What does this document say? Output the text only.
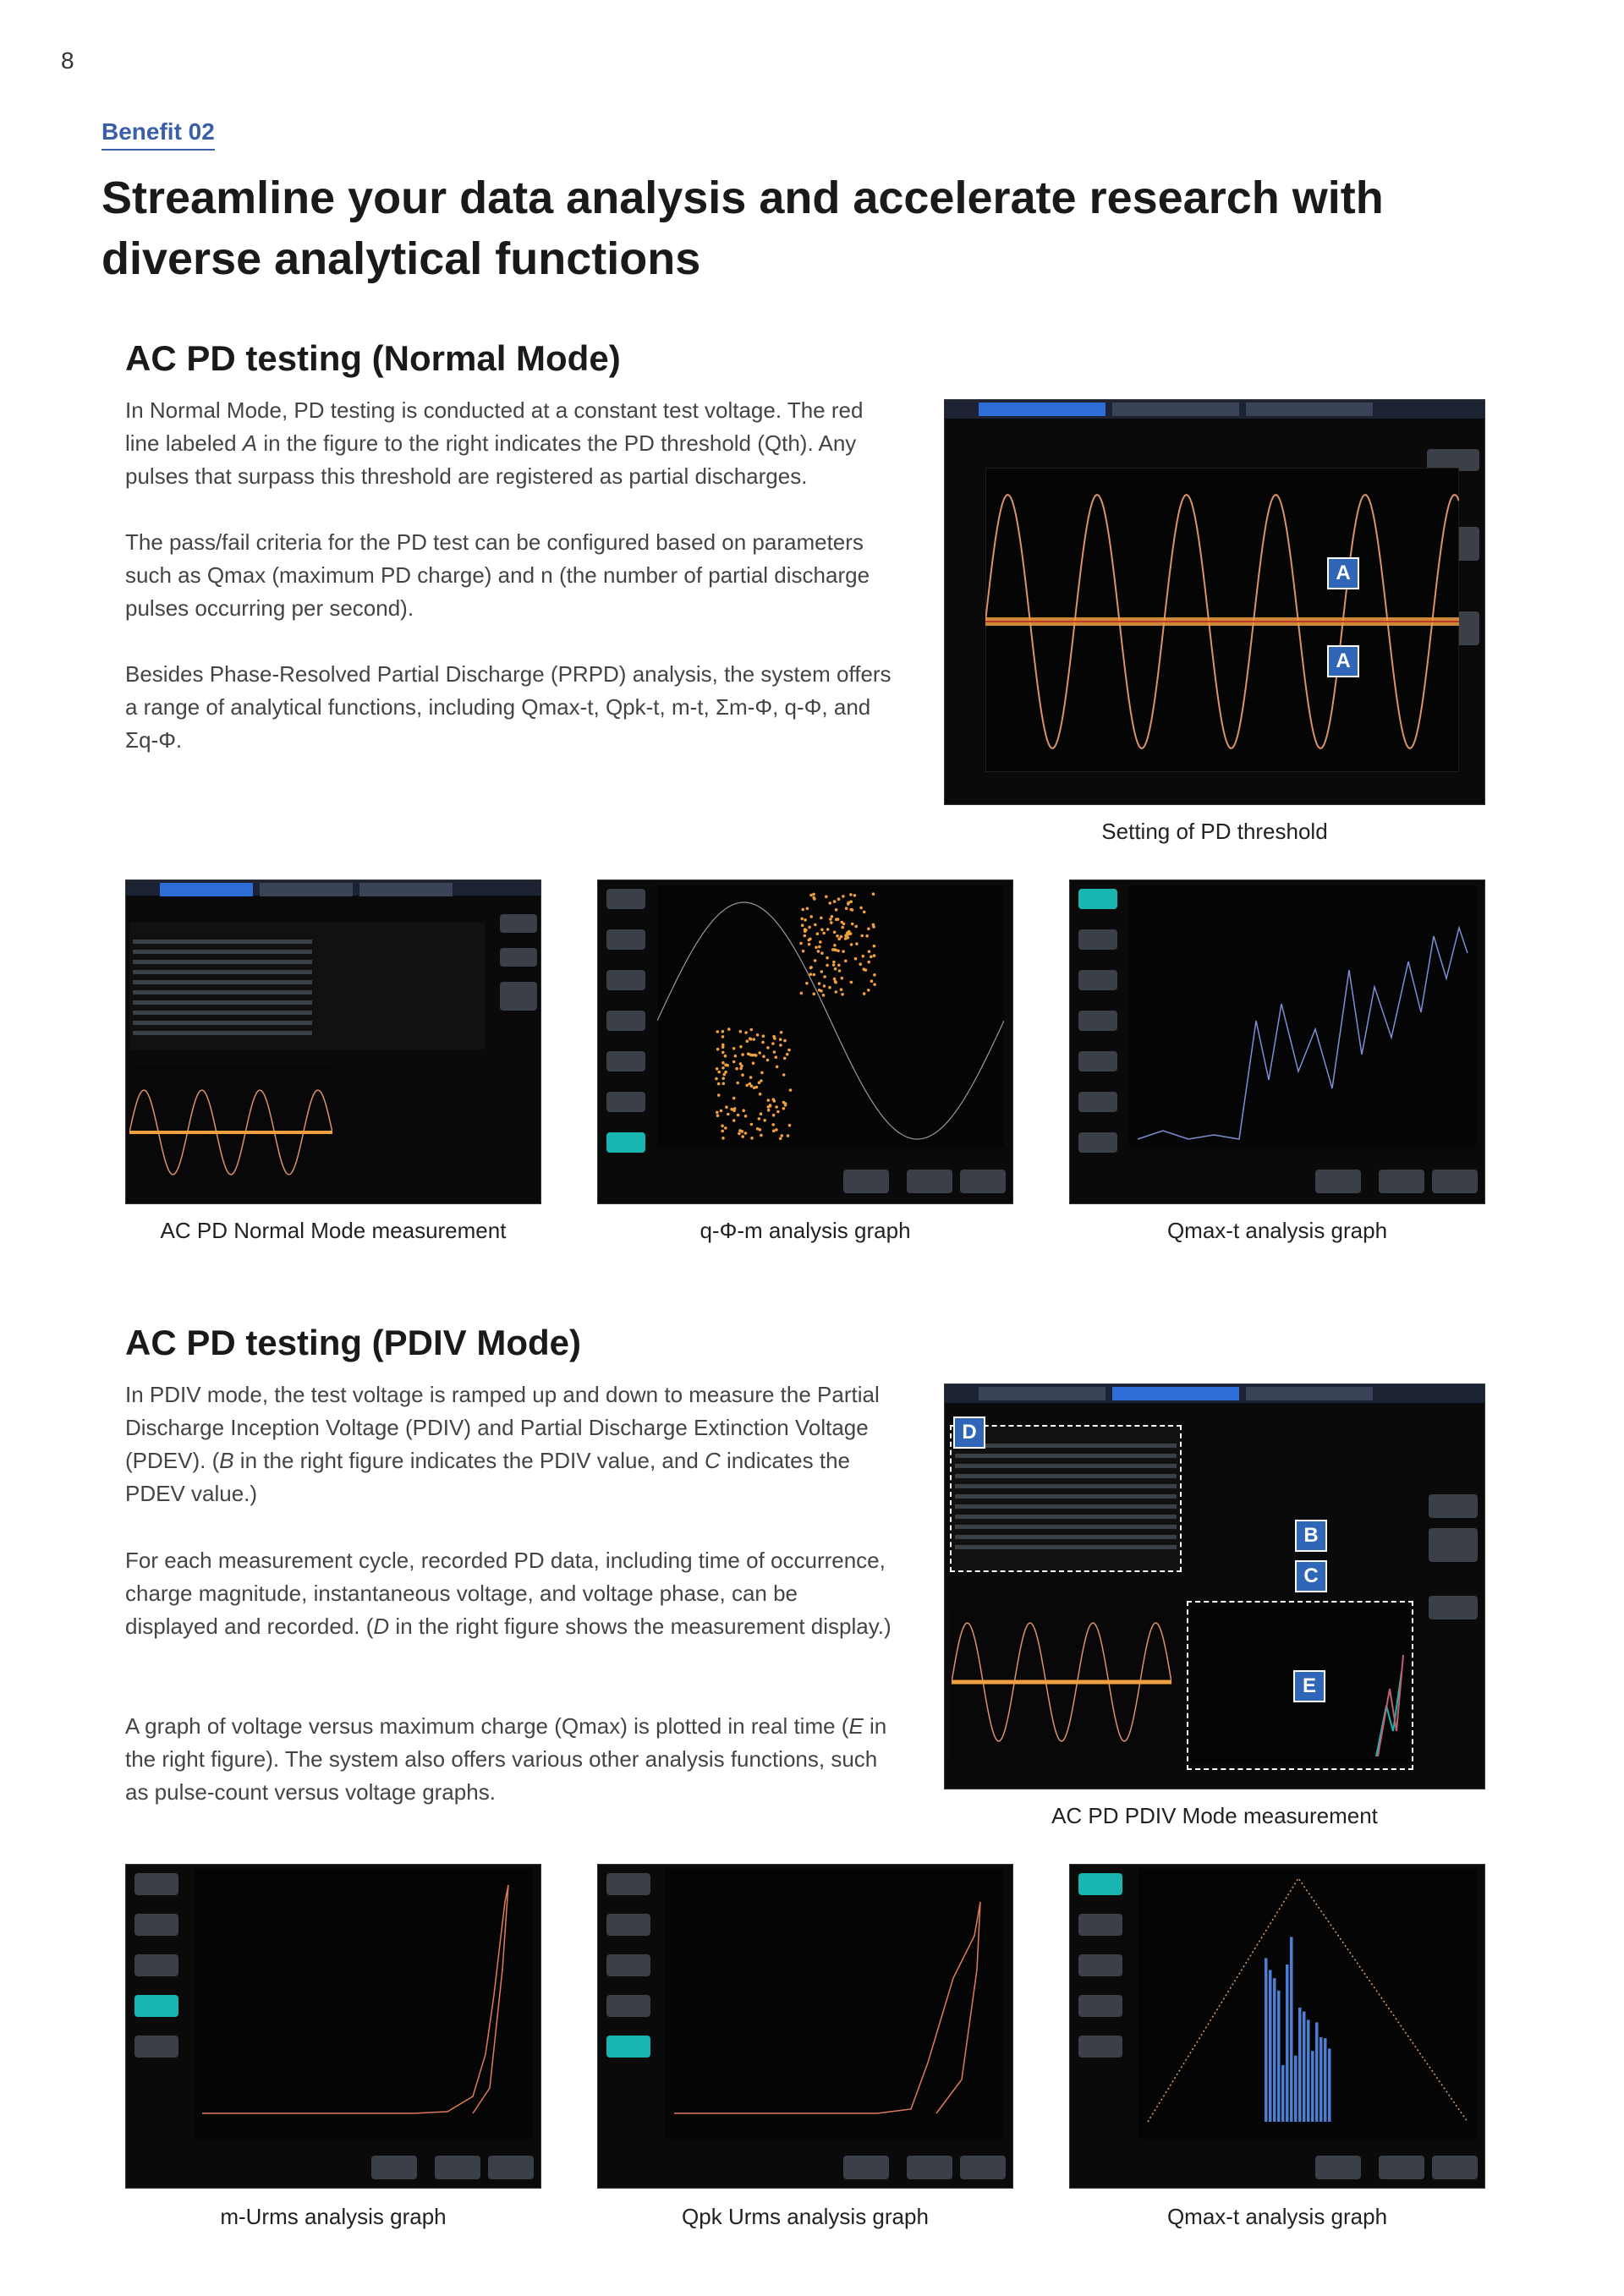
8
Benefit 02
Streamline your data analysis and accelerate research with diverse analytical functions
AC PD testing (Normal Mode)
In Normal Mode, PD testing is conducted at a constant test voltage. The red line labeled A in the figure to the right indicates the PD threshold (Qth). Any pulses that surpass this threshold are registered as partial discharges.
The pass/fail criteria for the PD test can be configured based on parameters such as Qmax (maximum PD charge) and n (the number of partial discharge pulses occurring per second).
Besides Phase-Resolved Partial Discharge (PRPD) analysis, the system offers a range of analytical functions, including Qmax-t, Qpk-t, m-t, Σm-Φ, q-Φ, and Σq-Φ.
A
A
Setting of PD threshold
AC PD Normal Mode measurement	q-Φ-m analysis graph	Qmax-t analysis graph
AC PD testing (PDIV Mode)
In PDIV mode, the test voltage is ramped up and down to measure the Partial Discharge Inception Voltage (PDIV) and Partial Discharge Extinction Voltage (PDEV). (B in the right figure indicates the PDIV value, and C indicates the PDEV value.)
For each measurement cycle, recorded PD data, including time of occurrence, charge magnitude, instantaneous voltage, and voltage phase, can be displayed and recorded. (D in the right figure shows the measurement display.)
A graph of voltage versus maximum charge (Qmax) is plotted in real time (E in the right figure). The system also offers various other analysis functions, such as pulse-count versus voltage graphs.
D
B
C
E
AC PD PDIV Mode measurement
m-Urms analysis graph	Qpk Urms analysis graph	Qmax-t analysis graph
